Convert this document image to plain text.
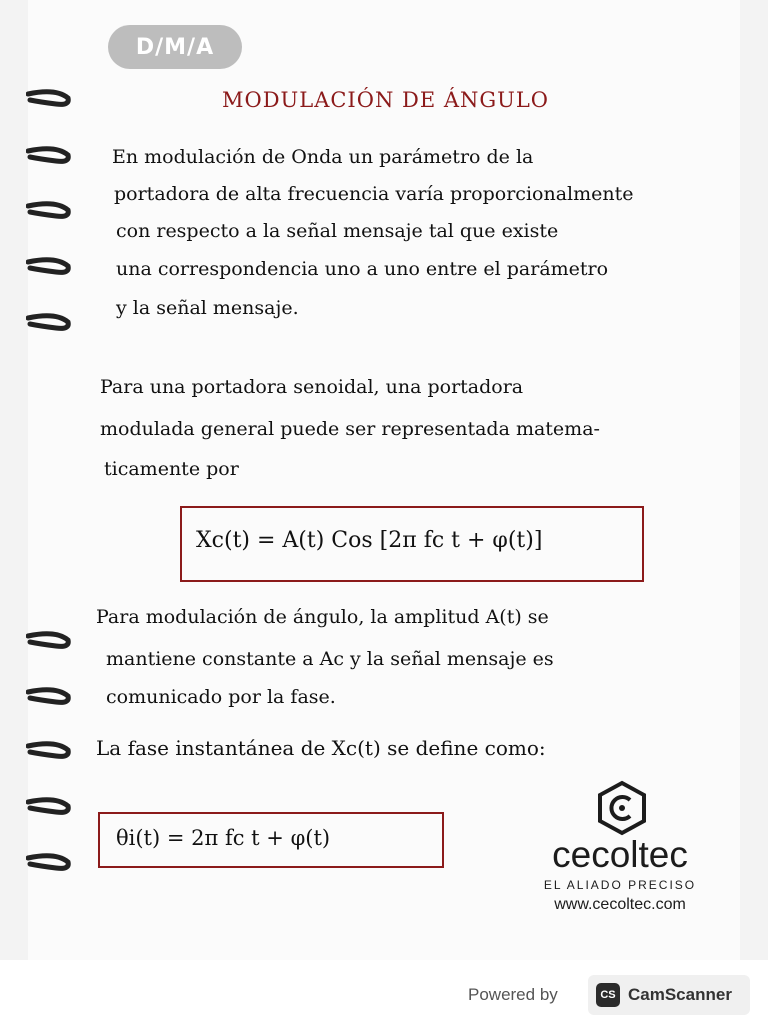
D/M/A
MODULACIÓN DE ÁNGULO
En modulación de Onda un parámetro de la
portadora de alta frecuencia varía proporcionalmente
con respecto a la señal mensaje tal que existe
una correspondencia uno a uno entre el parámetro
y la señal mensaje.
Para una portadora senoidal, una portadora
modulada general puede ser representada matema-
ticamente por
Xc(t) = A(t) Cos [2π fc t + φ(t)]
Para modulación de ángulo, la amplitud A(t) se
mantiene constante a Ac y la señal mensaje es
comunicado por la fase.
La fase instantánea de Xc(t) se define como:
θi(t) = 2π fc t + φ(t)	cecoltec
EL ALIADO PRECISO
www.cecoltec.com
Powered by	CS CamScanner
